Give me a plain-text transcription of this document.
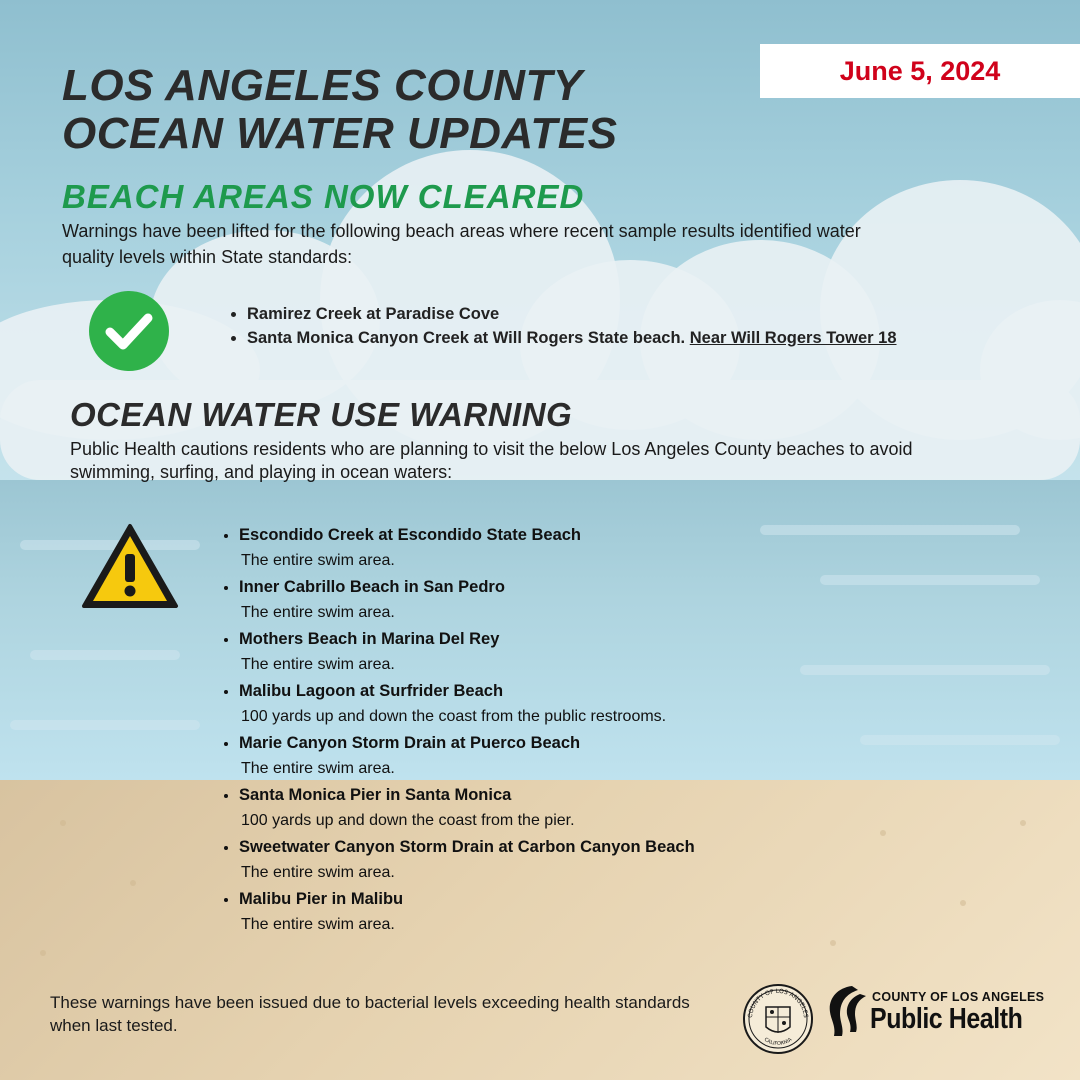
June 5, 2024
LOS ANGELES COUNTY
OCEAN WATER UPDATES
BEACH AREAS NOW CLEARED

Warnings have been lifted for the following beach areas where recent sample results identified water quality levels within State standards:

• Ramirez Creek at Paradise Cove
• Santa Monica Canyon Creek at Will Rogers State beach. Near Will Rogers Tower 18
OCEAN WATER USE WARNING

Public Health cautions residents who are planning to visit the below Los Angeles County beaches to avoid swimming, surfing, and playing in ocean waters:

• Escondido Creek at Escondido State Beach
The entire swim area.
• Inner Cabrillo Beach in San Pedro
The entire swim area.
• Mothers Beach in Marina Del Rey
The entire swim area.
• Malibu Lagoon at Surfrider Beach
100 yards up and down the coast from the public restrooms.
• Marie Canyon Storm Drain at Puerco Beach
The entire swim area.
• Santa Monica Pier in Santa Monica
100 yards up and down the coast from the pier.
• Sweetwater Canyon Storm Drain at Carbon Canyon Beach
The entire swim area.
• Malibu Pier in Malibu
The entire swim area.

These warnings have been issued due to bacterial levels exceeding health standards when last tested.

COUNTY OF LOS ANGELES
CALIFORNIA

COUNTY OF LOS ANGELES

Public Health
